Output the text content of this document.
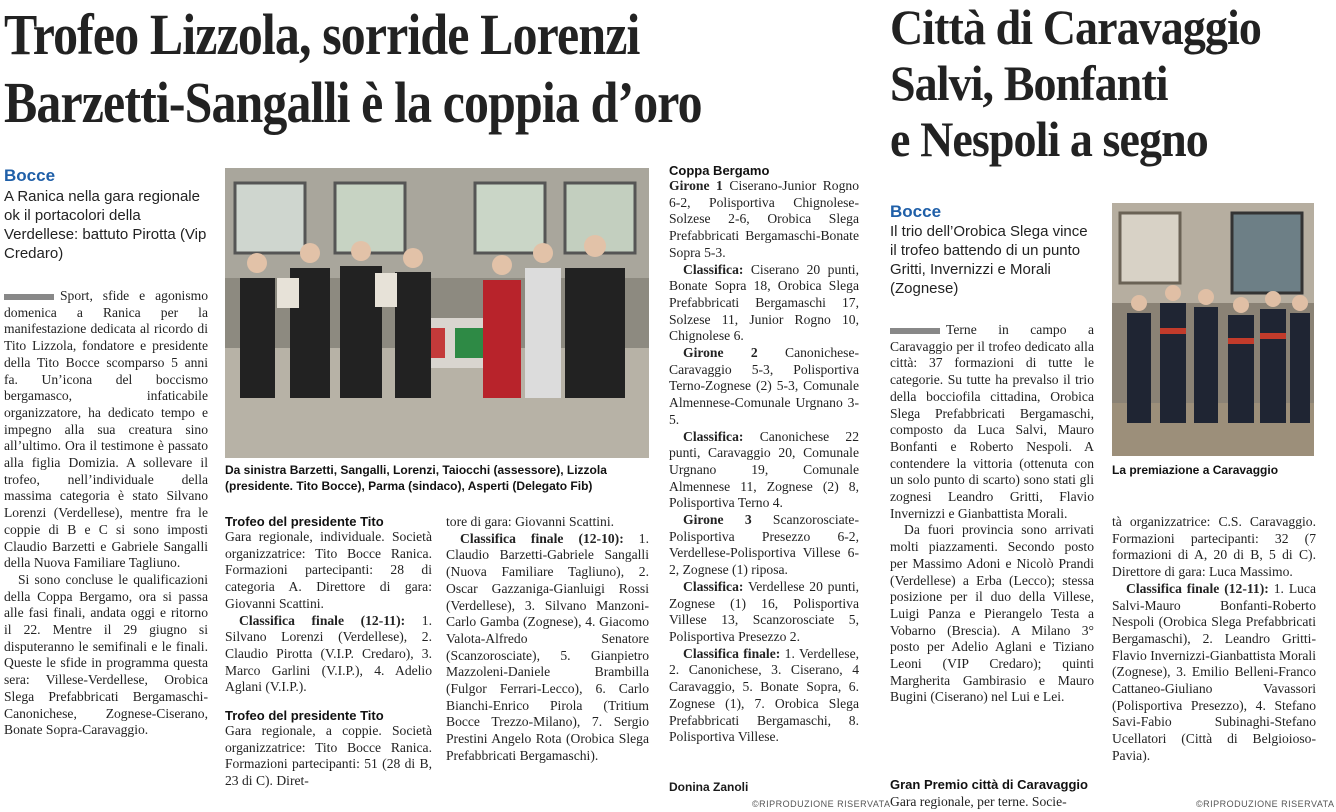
Trofeo Lizzola, sorride Lorenzi
Barzetti-Sangalli è la coppia d’oro
Città di Caravaggio
Salvi, Bonfanti
e Nespoli a segno
Bocce
A Ranica nella gara regionale ok il portacolori della Verdellese: battuto Pirotta (Vip Credaro)

Sport, sfide e agonismo domenica a Ranica per la manifestazione dedicata al ricordo di Tito Lizzola, fondatore e presidente della Tito Bocce scomparso 5 anni fa. Un’icona del boccismo bergamasco, infaticabile organizzatore, ha dedicato tempo e impegno alla sua creatura sino all’ultimo. Ora il testimone è passato alla figlia Domizia. A sollevare il trofeo, nell’individuale della massima categoria è stato Silvano Lorenzi (Verdellese), mentre fra le coppie di B e C si sono imposti Claudio Barzetti e Gabriele Sangalli della Nuova Familiare Tagliuno.

Si sono concluse le qualificazioni della Coppa Bergamo, ora si passa alle fasi finali, andata oggi e ritorno il 22. Mentre il 29 giugno si disputeranno le semifinali e le finali. Queste le sfide in programma questa sera: Villese-Verdellese, Orobica Slega Prefabbricati Bergamaschi-Canonichese, Zognese-Ciserano, Bonate Sopra-Caravaggio.

Da sinistra Barzetti, Sangalli, Lorenzi, Taiocchi (assessore), Lizzola (presidente. Tito Bocce), Parma (sindaco), Asperti (Delegato Fib)
Trofeo del presidente Tito

Gara regionale, individuale. Società organizzatrice: Tito Bocce Ranica. Formazioni partecipanti: 28 di categoria A. Direttore di gara: Giovanni Scattini.

Classifica finale (12-11): 1. Silvano Lorenzi (Verdellese), 2. Claudio Pirotta (V.I.P. Credaro), 3. Marco Garlini (V.I.P.), 4. Adelio Aglani (V.I.P.).

Trofeo del presidente Tito

Gara regionale, a coppie. Società organizzatrice: Tito Bocce Ranica. Formazioni partecipanti: 51 (28 di B, 23 di C). Diret-

tore di gara: Giovanni Scattini.

Classifica finale (12-10): 1. Claudio Barzetti-Gabriele Sangalli (Nuova Familiare Tagliuno), 2. Oscar Gazzaniga-Gianluigi Rossi (Verdellese), 3. Silvano Manzoni-Carlo Gamba (Zognese), 4. Giacomo Valota-Alfredo Senatore (Scanzorosciate), 5. Gianpietro Mazzoleni-Daniele Brambilla (Fulgor Ferrari-Lecco), 6. Carlo Bianchi-Enrico Pirola (Tritium Bocce Trezzo-Milano), 7. Sergio Prestini Angelo Rota (Orobica Slega Prefabbricati Bergamaschi).

Coppa Bergamo

Girone 1 Ciserano-Junior Rogno 6-2, Polisportiva Chignolese-Solzese 2-6, Orobica Slega Prefabbricati Bergamaschi-Bonate Sopra 5-3.

Classifica: Ciserano 20 punti, Bonate Sopra 18, Orobica Slega Prefabbricati Bergamaschi 17, Solzese 11, Junior Rogno 10, Chignolese 6.

Girone 2 Canonichese-Caravaggio 5-3, Polisportiva Terno-Zognese (2) 5-3, Comunale Almennese-Comunale Urgnano 3-5.

Classifica: Canonichese 22 punti, Caravaggio 20, Comunale Urgnano 19, Comunale Almennese 11, Zognese (2) 8, Polisportiva Terno 4.

Girone 3 Scanzorosciate-Polisportiva Presezzo 6-2, Verdellese-Polisportiva Villese 6-2, Zognese (1) riposa.

Classifica: Verdellese 20 punti, Zognese (1) 16, Polisportiva Villese 13, Scanzorosciate 5, Polisportiva Presezzo 2.

Classifica finale: 1. Verdellese, 2. Canonichese, 3. Ciserano, 4 Caravaggio, 5. Bonate Sopra, 6. Zognese (1), 7. Orobica Slega Prefabbricati Bergamaschi, 8. Polisportiva Villese.

Donina Zanoli
©RIPRODUZIONE RISERVATA
Bocce
Il trio dell’Orobica Slega vince il trofeo battendo di un punto Gritti, Invernizzi e Morali (Zognese)

Terne in campo a Caravaggio per il trofeo dedicato alla città: 37 formazioni di tutte le categorie. Su tutte ha prevalso il trio della bocciofila cittadina, Orobica Slega Prefabbricati Bergamaschi, composto da Luca Salvi, Mauro Bonfanti e Roberto Nespoli. A contendere la vittoria (ottenuta con un solo punto di scarto) sono stati gli zognesi Leandro Gritti, Flavio Invernizzi e Gianbattista Morali.

Da fuori provincia sono arrivati molti piazzamenti. Secondo posto per Massimo Adoni e Nicolò Prandi (Verdellese) a Erba (Lecco); stessa posizione per il duo della Villese, Luigi Panza e Pierangelo Testa a Vobarno (Brescia). A Milano 3° posto per Adelio Aglani e Tiziano Leoni (VIP Credaro); quinti Margherita Gambirasio e Mauro Bugini (Ciserano) nel Lui e Lei.

Gran Premio città di Caravaggio

Gara regionale, per terne. Socie-

La premiazione a Caravaggio

tà organizzatrice: C.S. Caravaggio. Formazioni partecipanti: 32 (7 formazioni di A, 20 di B, 5 di C). Direttore di gara: Luca Massimo.

Classifica finale (12-11): 1. Luca Salvi-Mauro Bonfanti-Roberto Nespoli (Orobica Slega Prefabbricati Bergamaschi), 2. Leandro Gritti-Flavio Invernizzi-Gianbattista Morali (Zognese), 3. Emilio Belleni-Franco Cattaneo-Giuliano Vavassori (Polisportiva Presezzo), 4. Stefano Savi-Fabio Subinaghi-Stefano Ucellatori (Città di Belgioioso-Pavia).

©RIPRODUZIONE RISERVATA
